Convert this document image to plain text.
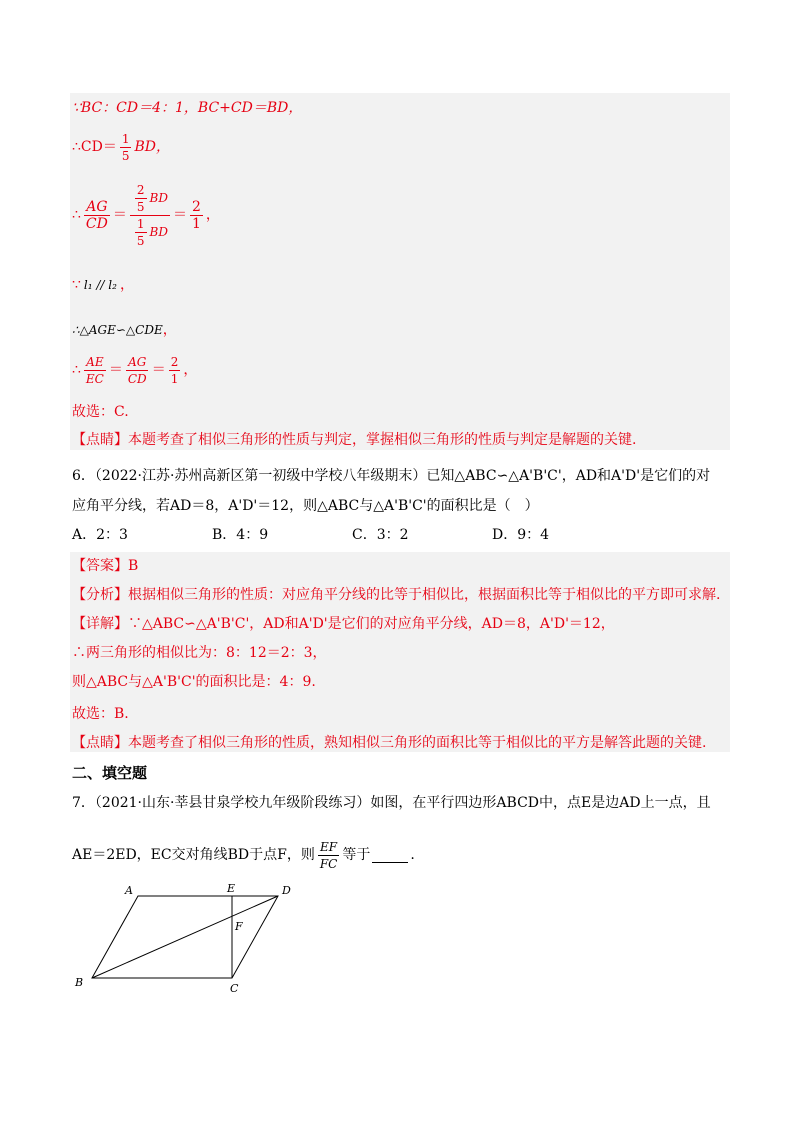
∵BC：CD＝4：1，BC+CD＝BD，
∴CD＝ $\frac{1}{5}$ BD，
∴ $\frac{AG}{CD} = \frac{\frac{2}{5} BD}{\frac{1}{5} BD} = \frac{2}{1}$ ，
∵ l₁ // l₂ ，
∴△AGE∽△CDE ，
∴ $\frac{AE}{EC} = \frac{AG}{CD} = \frac{2}{1}$ ，
故选：C.
【点睛】本题考查了相似三角形的性质与判定，掌握相似三角形的性质与判定是解题的关键.
6．（2022·江苏·苏州高新区第一初级中学校八年级期末）已知△ABC∽△A'B'C'，AD和A'D'是它们的对
应角平分线，若AD＝8，A'D'＝12，则△ABC与△A'B'C'的面积比是（　）
A．2：3	B．4：9	C．3：2	D．9：4
【答案】B
【分析】根据相似三角形的性质：对应角平分线的比等于相似比，根据面积比等于相似比的平方即可求解.
【详解】∵△ABC∽△A'B'C'，AD和A'D'是它们的对应角平分线，AD＝8，A'D'＝12，
∴两三角形的相似比为：8：12＝2：3，
则△ABC与△A'B'C'的面积比是：4：9.
故选：B.
【点睛】本题考查了相似三角形的性质，熟知相似三角形的面积比等于相似比的平方是解答此题的关键.
二、填空题
7．（2021·山东·莘县甘泉学校九年级阶段练习）如图，在平行四边形ABCD中，点E是边AD上一点，且
AE＝2ED，EC交对角线BD于点F，则 $\frac{EF}{FC}$ 等于	.
A	E	D
F
B	C
